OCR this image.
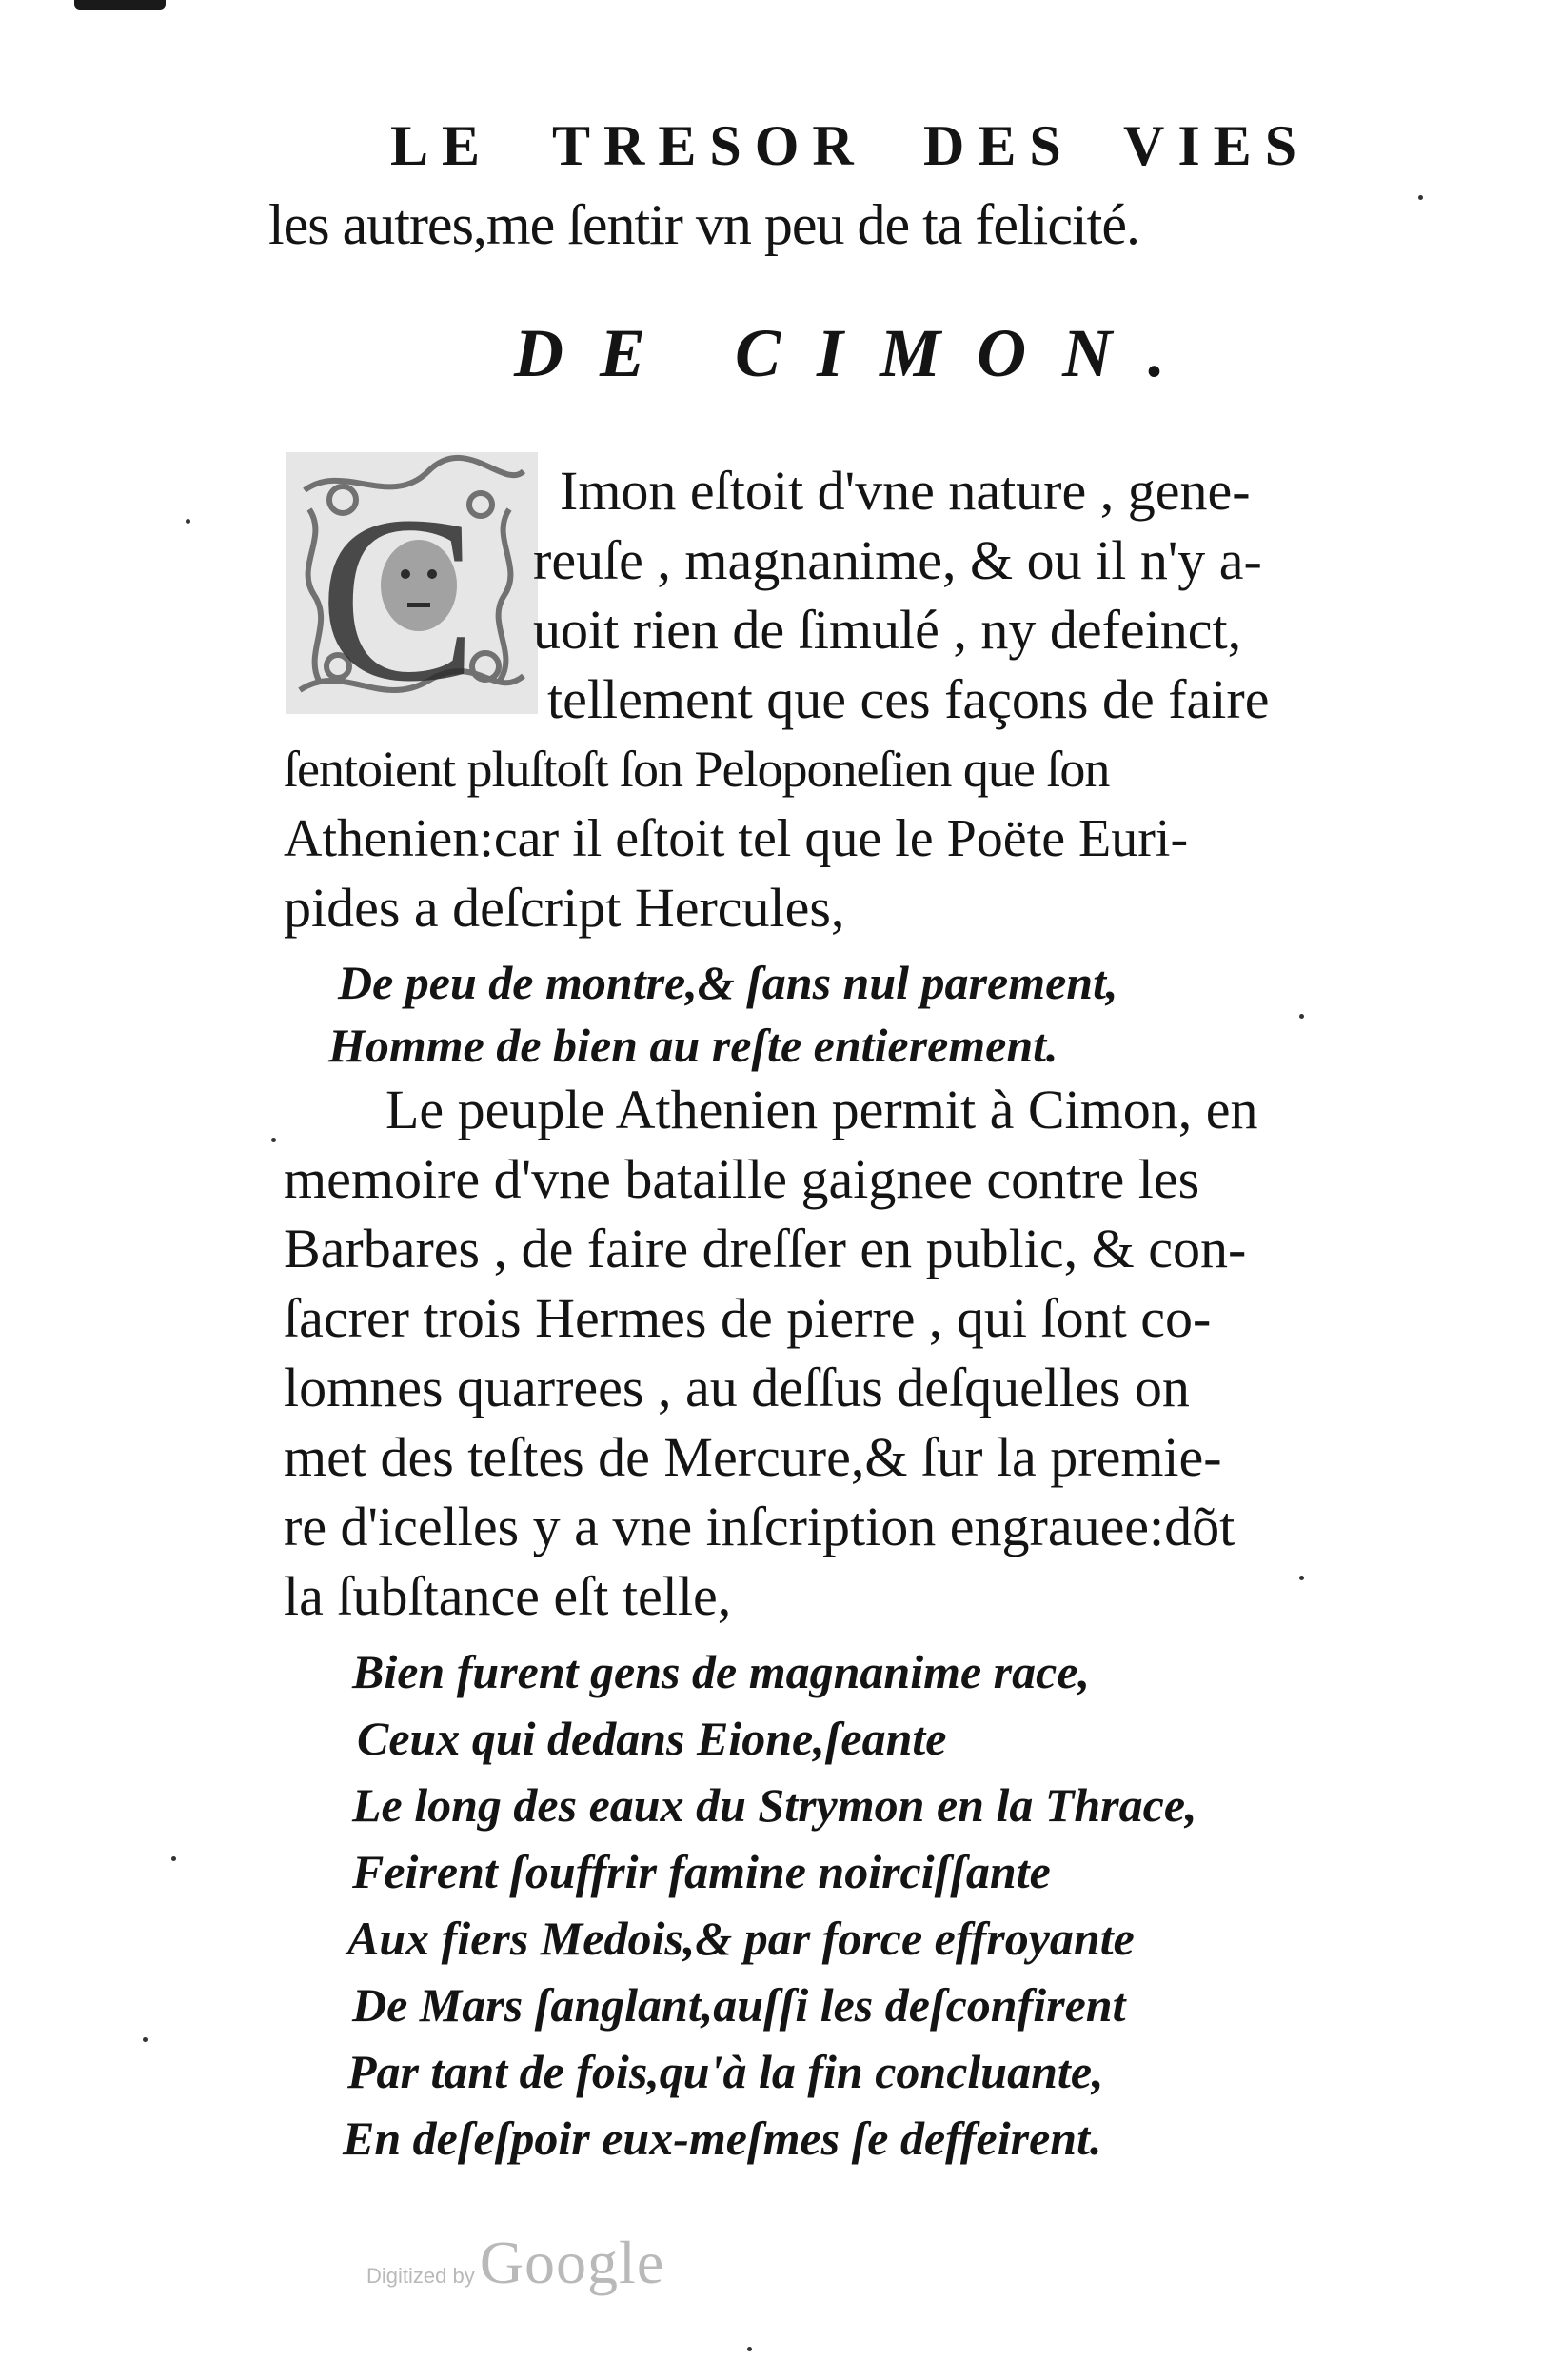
LE TRESOR DES VIES
les autres,me ſentir vn peu de ta felicité.
DE CIMON.
C Imon eſtoit d'vne nature , gene-
reuſe , magnanime, & ou il n'y a-
uoit rien de ſimulé , ny defeinct,
tellement que ces façons de faire
ſentoient pluſtoſt ſon Peloponeſien que ſon
Athenien:car il eſtoit tel que le Poëte Euri-
pides a deſcript Hercules,
De peu de montre,& ſans nul parement,
Homme de bien au reſte entierement.
Le peuple Athenien permit à Cimon, en
memoire d'vne bataille gaignee contre les
Barbares , de faire dreſſer en public, & con-
ſacrer trois Hermes de pierre , qui ſont co-
lomnes quarrees , au deſſus deſquelles on
met des teſtes de Mercure,& ſur la premie-
re d'icelles y a vne inſcription engrauee:dõt
la ſubſtance eſt telle,
Bien furent gens de magnanime race,
Ceux qui dedans Eione,ſeante
Le long des eaux du Strymon en la Thrace,
Feirent ſouffrir famine noirciſſante
Aux fiers Medois,& par force effroyante
De Mars ſanglant,auſſi les deſconfirent
Par tant de fois,qu'à la fin concluante,
En deſeſpoir eux-meſmes ſe deffeirent.
Digitized by Google
